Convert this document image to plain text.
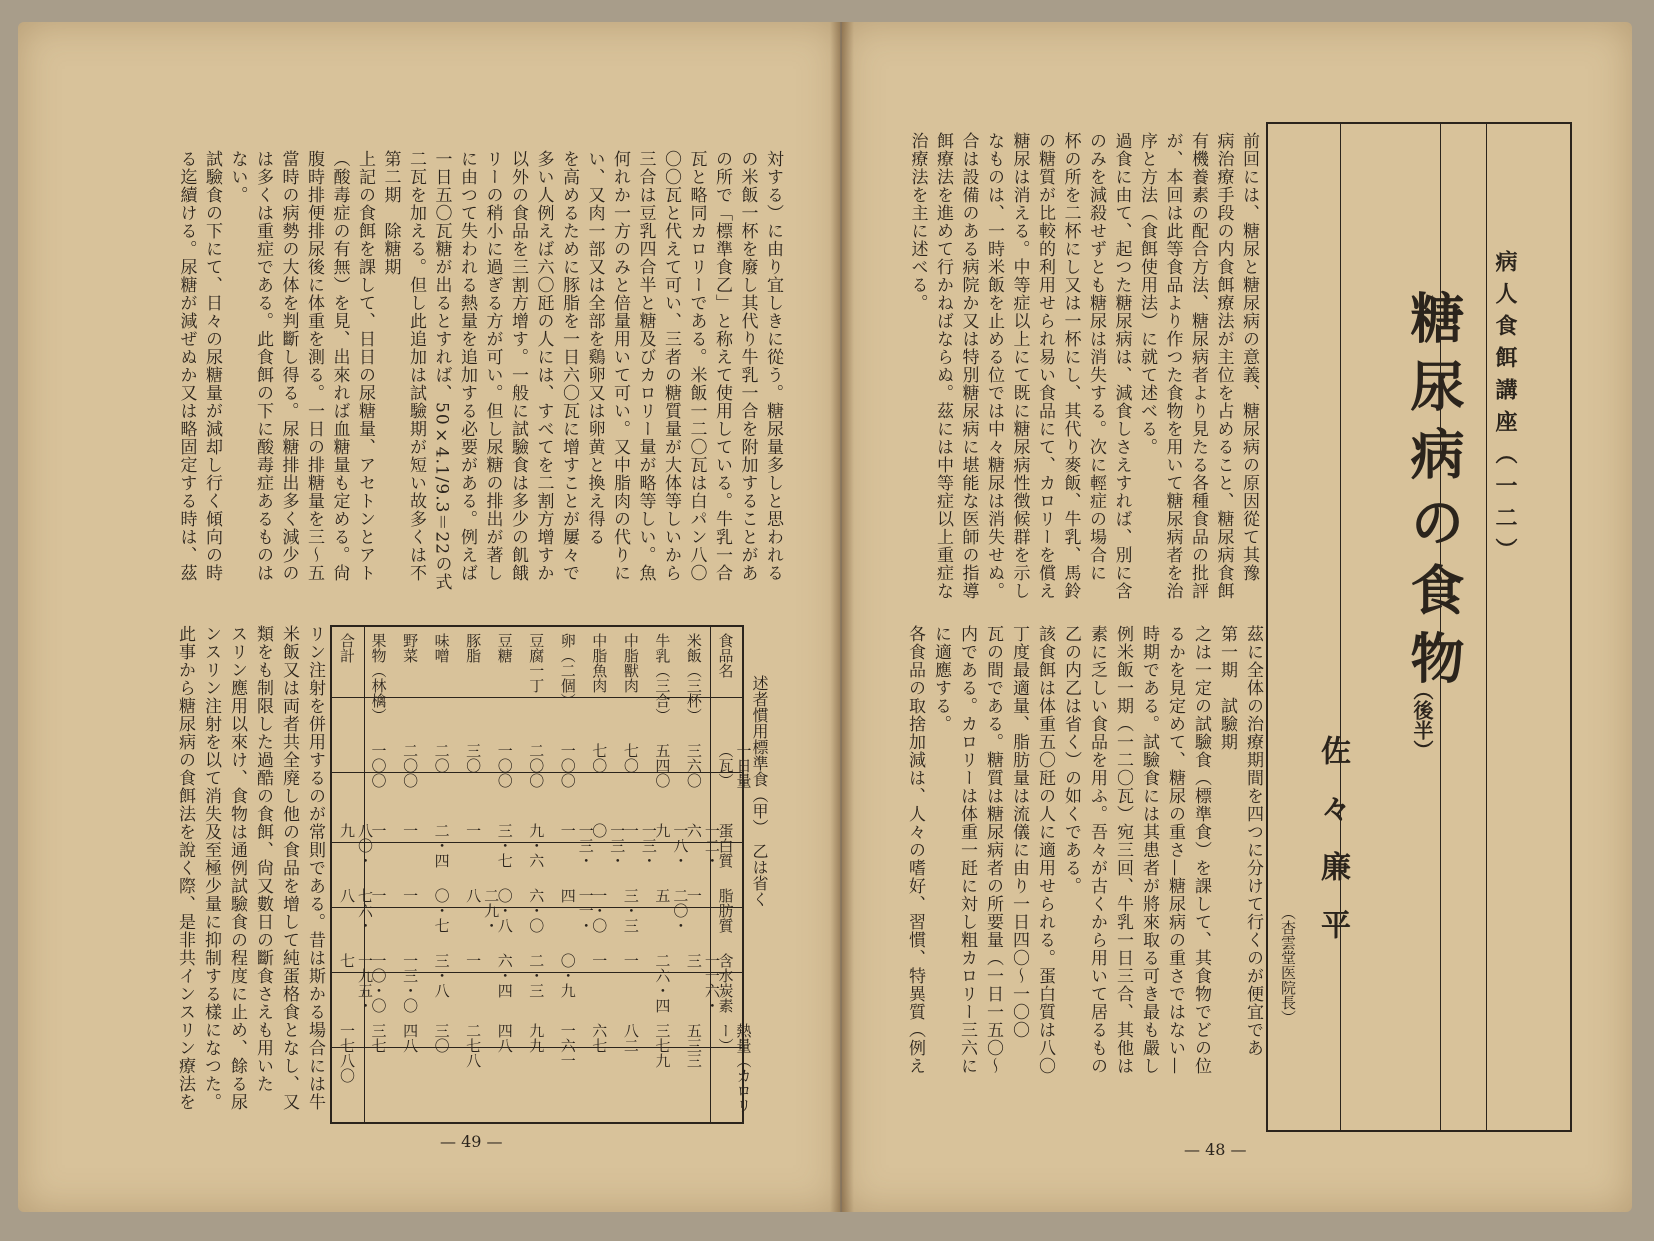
病人食餌講座（一二）
糖尿病の食物
（後半）
佐々廉平
（杏雲堂医院長）
述者慣用標準食（甲）　乙は省く
食品名
一日量（瓦）
蛋白質
脂肪質
含水炭素
熱量（カロリー）
米飯（三杯）
三六〇
一二・六
一
一一六・三
五三三
牛乳（三合）
五四〇
一八・九
二〇・五
二六・四
三七九
中脂獸肉
七〇
一三・一
三・三
一
八二
中脂魚肉
七〇
一三・〇
一・〇
一
六七
卵（二個）
一〇〇
一三・一
一一・四
〇・九
一六一
豆腐一丁
二〇〇
九・六
六・〇
二・三
九九
豆糖
一〇〇
三・七
〇・八
六・四
四八
豚脂
三〇
一
二九・八
一
二七八
味噌
二〇
二・四
〇・七
三・八
三〇
野菜
二〇〇
一
一
一三・〇
四八
果物（林檎）
一〇〇
一
一
一〇・〇
三七
合計
八〇・九
七六・八
一九五・七
一七八〇
— 49 —	— 48 —
前回には、糖尿と糖尿病の意義、糖尿病の原因從て其豫
病治療手段の内食餌療法が主位を占めること、糖尿病食餌
有機養素の配合方法、糖尿病者より見たる各種食品の批評
が、本回は此等食品より作つた食物を用いて糖尿病者を治
序と方法（食餌使用法）に就て述べる。
過食に由て、起つた糖尿病は、減食しさえすれば、別に含
のみを減殺せずとも糖尿は消失する。次に輕症の場合に
杯の所を二杯にし又は一杯にし、其代り麥飯、牛乳、馬鈴
の糖質が比較的利用せられ易い食品にて、カロリーを償え
糖尿は消える。中等症以上にて既に糖尿病性徴候群を示し
なものは、一時米飯を止める位では中々糖尿は消失せぬ。
合は設備のある病院か又は特別糖尿病に堪能な医師の指導
餌療法を進めて行かねばならぬ。茲には中等症以上重症な
治療法を主に述べる。
茲に全体の治療期間を四つに分けて行くのが便宜であ
第一期　試驗期
之は一定の試驗食（標準食）を課して、其食物でどの位
るかを見定めて、糖尿の重さ—糖尿病の重さではない—
時期である。試驗食には其患者が將來取る可き最も嚴し
例米飯一期（一二〇瓦）宛三回、牛乳一日三合、其他は
素に乏しい食品を用ふ。吾々が古くから用いて居るもの
乙の内乙は省く）の如くである。
該食餌は体重五〇瓩の人に適用せられる。蛋白質は八〇
丁度最適量、脂肪量は流儀に由り一日四〇～一〇〇
瓦の間である。糖質は糖尿病者の所要量（一日一五〇～
内である。カロリーは体重一瓩に対し粗カロリー三六に
に適應する。
各食品の取捨加減は、人々の嗜好、習慣、特異質（例え
対する）に由り宜しきに從う。糖尿量多しと思われる
の米飯一杯を廢し其代り牛乳一合を附加することがあ
の所で「標準食乙」と称えて使用している。牛乳一合
瓦と略同カロリーである。米飯一二〇瓦は白パン八〇
〇〇瓦と代えて可い、三者の糖質量が大体等しいから
三合は豆乳四合半と糖及びカロリー量が略等しい。魚
何れか一方のみと倍量用いて可い。又中脂肉の代りに
い、又肉一部又は全部を鷄卵又は卵黄と換え得る
を高めるために豚脂を一日六〇瓦に增すことが屢々で
多い人例えば六〇瓩の人には、すべてを二割方增すか
以外の食品を三割方增す。一般に試驗食は多少の飢餓
リーの稍小に過ぎる方が可い。但し尿糖の排出が著し
に由つて失われる熱量を追加する必要がある。例えば
一日五〇瓦糖が出るとすれば、50×4.1/9.3＝22の式
二瓦を加える。但し此追加は試驗期が短い故多くは不
第二期　除糖期
上記の食餌を課して、日日の尿糖量、アセトンとアト
（酸毒症の有無）を見、出來れば血糖量も定める。尙
腹時排便排尿後に体重を測る。一日の排糖量を三～五
當時の病勢の大体を判斷し得る。尿糖排出多く減少の
は多くは重症である。此食餌の下に酸毒症あるものは
ない。
試驗食の下にて、日々の尿糖量が減却し行く傾向の時
る迄續ける。尿糖が減ぜぬか又は略固定する時は、茲
リン注射を併用するのが常則である。昔は斯かる場合には牛
米飯又は両者共全廃し他の食品を增して純蛋格食となし、又
類をも制限した過酷の食餌、尙又數日の斷食さえも用いた
スリン應用以來け、食物は通例試驗食の程度に止め、餘る尿
ンスリン注射を以て消失及至極少量に抑制する樣になつた。
此事から糖尿病の食餌法を說く際、是非共インスリン療法を
